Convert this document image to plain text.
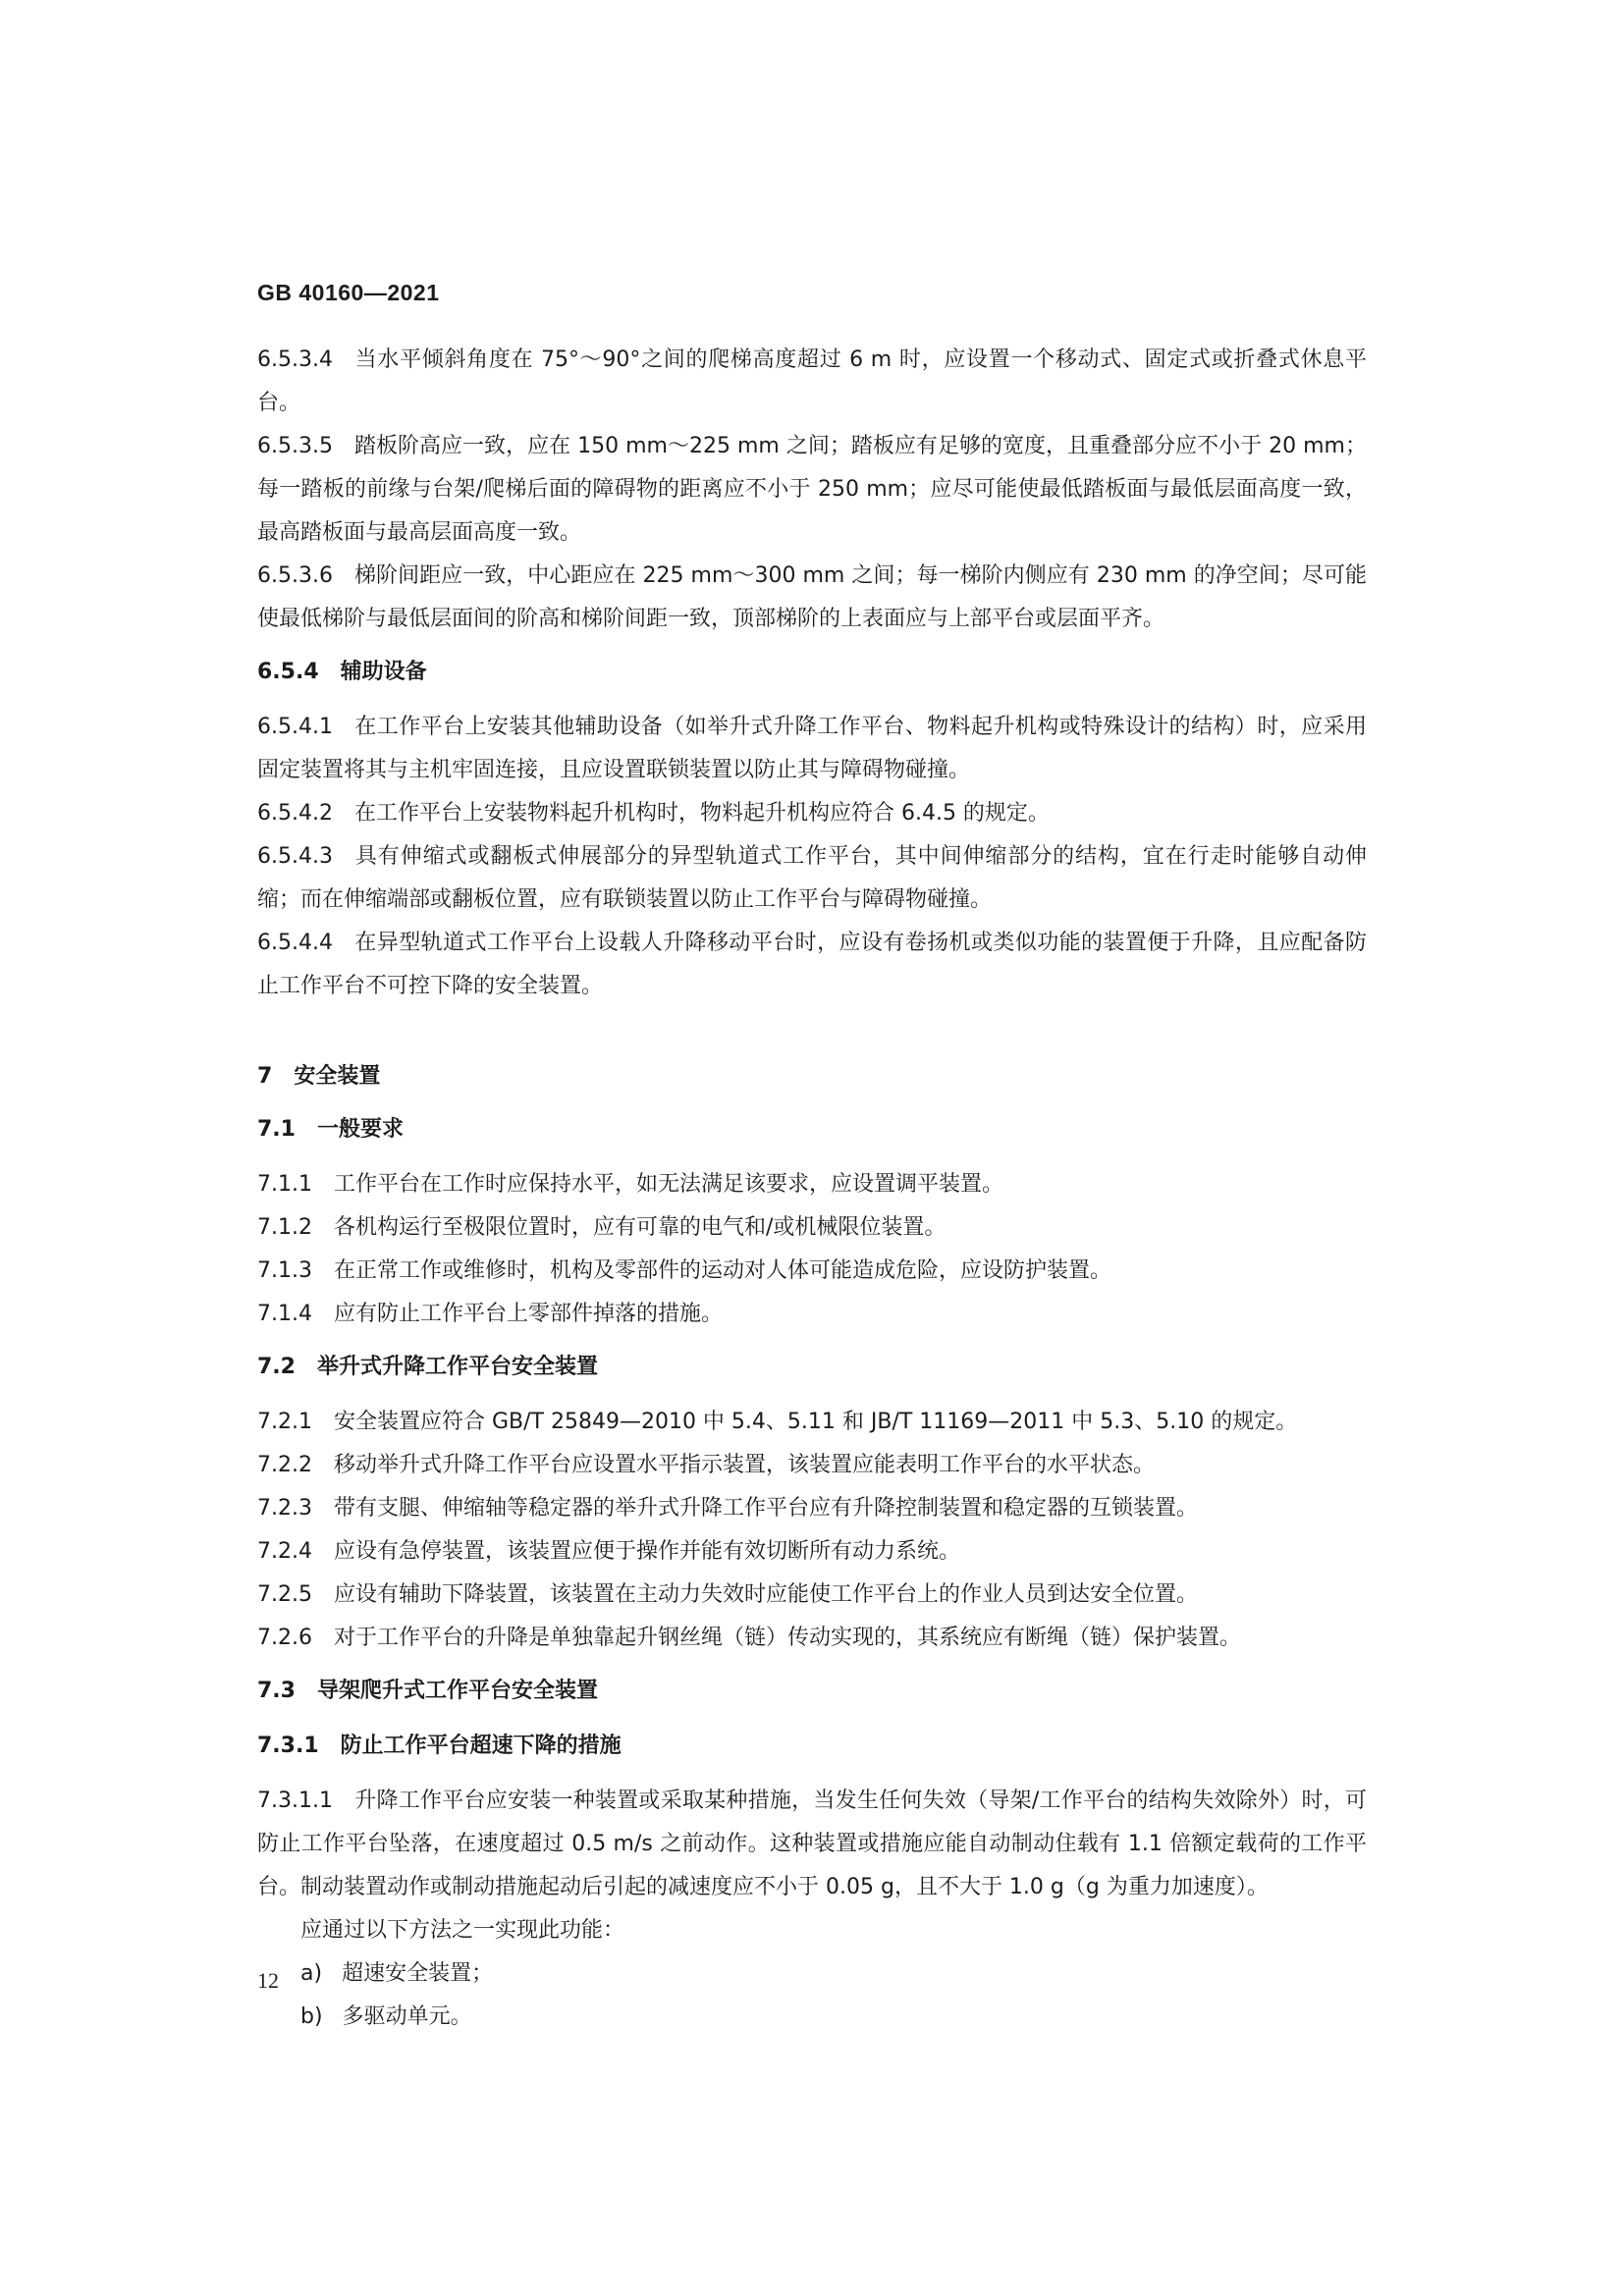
GB 40160—2021
6.5.3.4 当水平倾斜角度在 75°～90°之间的爬梯高度超过 6 m 时，应设置一个移动式、固定式或折叠式休息平台。
6.5.3.5 踏板阶高应一致，应在 150 mm～225 mm 之间；踏板应有足够的宽度，且重叠部分应不小于 20 mm；每一踏板的前缘与台架/爬梯后面的障碍物的距离应不小于 250 mm；应尽可能使最低踏板面与最低层面高度一致，最高踏板面与最高层面高度一致。
6.5.3.6 梯阶间距应一致，中心距应在 225 mm～300 mm 之间；每一梯阶内侧应有 230 mm 的净空间；尽可能使最低梯阶与最低层面间的阶高和梯阶间距一致，顶部梯阶的上表面应与上部平台或层面平齐。
6.5.4 辅助设备
6.5.4.1 在工作平台上安装其他辅助设备（如举升式升降工作平台、物料起升机构或特殊设计的结构）时，应采用固定装置将其与主机牢固连接，且应设置联锁装置以防止其与障碍物碰撞。
6.5.4.2 在工作平台上安装物料起升机构时，物料起升机构应符合 6.4.5 的规定。
6.5.4.3 具有伸缩式或翻板式伸展部分的异型轨道式工作平台，其中间伸缩部分的结构，宜在行走时能够自动伸缩；而在伸缩端部或翻板位置，应有联锁装置以防止工作平台与障碍物碰撞。
6.5.4.4 在异型轨道式工作平台上设载人升降移动平台时，应设有卷扬机或类似功能的装置便于升降，且应配备防止工作平台不可控下降的安全装置。
7 安全装置
7.1 一般要求
7.1.1 工作平台在工作时应保持水平，如无法满足该要求，应设置调平装置。
7.1.2 各机构运行至极限位置时，应有可靠的电气和/或机械限位装置。
7.1.3 在正常工作或维修时，机构及零部件的运动对人体可能造成危险，应设防护装置。
7.1.4 应有防止工作平台上零部件掉落的措施。
7.2 举升式升降工作平台安全装置
7.2.1 安全装置应符合 GB/T 25849—2010 中 5.4、5.11 和 JB/T 11169—2011 中 5.3、5.10 的规定。
7.2.2 移动举升式升降工作平台应设置水平指示装置，该装置应能表明工作平台的水平状态。
7.2.3 带有支腿、伸缩轴等稳定器的举升式升降工作平台应有升降控制装置和稳定器的互锁装置。
7.2.4 应设有急停装置，该装置应便于操作并能有效切断所有动力系统。
7.2.5 应设有辅助下降装置，该装置在主动力失效时应能使工作平台上的作业人员到达安全位置。
7.2.6 对于工作平台的升降是单独靠起升钢丝绳（链）传动实现的，其系统应有断绳（链）保护装置。
7.3 导架爬升式工作平台安全装置
7.3.1 防止工作平台超速下降的措施
7.3.1.1 升降工作平台应安装一种装置或采取某种措施，当发生任何失效（导架/工作平台的结构失效除外）时，可防止工作平台坠落，在速度超过 0.5 m/s 之前动作。这种装置或措施应能自动制动住载有 1.1 倍额定载荷的工作平台。制动装置动作或制动措施起动后引起的减速度应不小于 0.05 g，且不大于 1.0 g（g 为重力加速度）。
应通过以下方法之一实现此功能：
a) 超速安全装置；
b) 多驱动单元。
12
